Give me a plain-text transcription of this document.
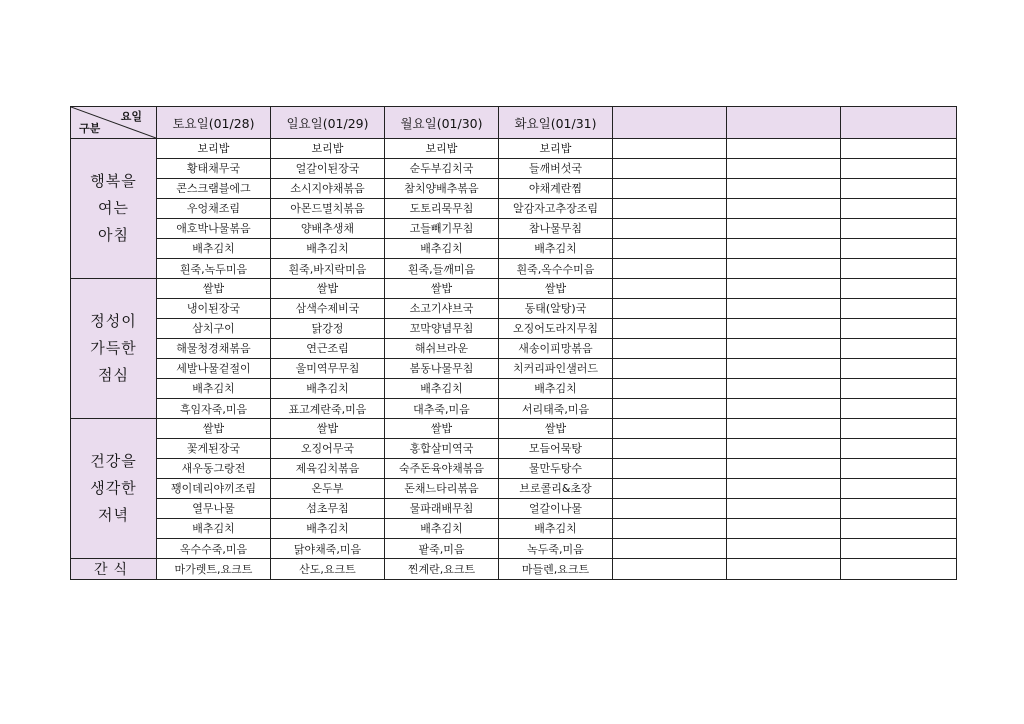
요일
구분	토요일(01/28)	일요일(01/29)	월요일(01/30)	화요일(01/31)			

행복을
여는
아침	보리밥	보리밥	보리밥	보리밥			
	황태채무국	얼갈이된장국	순두부김치국	들깨버섯국			
	콘스크램블에그	소시지야채볶음	참치양배추볶음	야채계란찜			
	우엉채조림	아몬드멸치볶음	도토리묵무침	알감자고추장조림			
	애호박나물볶음	양배추생채	고들빼기무침	참나물무침			
	배추김치	배추김치	배추김치	배추김치			
	흰죽,녹두미음	흰죽,바지락미음	흰죽,들깨미음	흰죽,옥수수미음			

정성이
가득한
점심	쌀밥	쌀밥	쌀밥	쌀밥			
	냉이된장국	삼색수제비국	소고기샤브국	동태(알탕)국			
	삼치구이	닭강정	꼬막양념무침	오징어도라지무침			
	해물청경채볶음	연근조림	해쉬브라운	새송이피망볶음			
	세발나물겉절이	울미역무무침	봄동나물무침	치커리파인샐러드			
	배추김치	배추김치	배추김치	배추김치			
	흑임자죽,미음	표고계란죽,미음	대추죽,미음	서리태죽,미음			

건강을
생각한
저녁	쌀밥	쌀밥	쌀밥	쌀밥			
	꽃게된장국	오징어무국	홍합살미역국	모듬어묵탕			
	새우동그랑전	제육김치볶음	숙주돈육야채볶음	물만두탕수			
	꽹이데리야끼조림	온두부	돈채느타리볶음	브로콜리&초장			
	열무나물	섬초무침	물파래배무침	얼갈이나물			
	배추김치	배추김치	배추김치	배추김치			
	옥수수죽,미음	닭야채죽,미음	팥죽,미음	녹두죽,미음			
간식	마가렛트,요크트	산도,요크트	찐계란,요크트	마들렌,요크트			
